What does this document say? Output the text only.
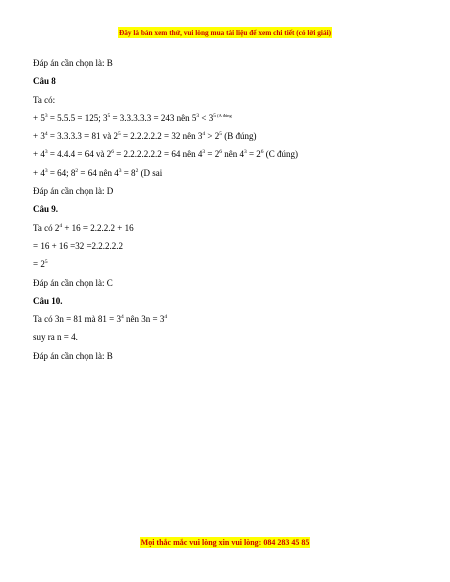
Đây là bản xem thử, vui lòng mua tài liệu để xem chi tiết (có lời giải)
Đáp án cần chọn là: B
Câu 8
Ta có:
+ $5^3 = 5.5.5 = 125$; $3^5 = 3.3.3.3.3 = 243$ nên $5^3 < 3^5$ $^{(A đúng}$
+ $3^4 = 3.3.3.3 = 81$ và $2^5 = 2.2.2.2.2 = 32$ nên $3^4 > 2^5$ (B đúng)
+ $4^3 = 4.4.4 = 64$ và $2^6 = 2.2.2.2.2.2 = 64$ nên $4^3 = 2^6$ nên $4^3 = 2^6$ (C đúng)
+ $4^3 = 64$; $8^2 = 64$ nên $4^3 = 8^2$ (D sai
Đáp án cần chọn là: D
Câu 9.
Ta có $2^4 + 16 = 2.2.2.2 + 16$
= 16 + 16 =32 =2.2.2.2.2
= $2^5$
Đáp án cần chọn là: C
Câu 10.
Ta có 3n = 81 mà $81 = 3^4$ nên $3n = 3^4$
suy ra n = 4.
Đáp án cần chọn là: B
Mọi thắc mắc vui lòng xin vui lòng: 084 283 45 85
